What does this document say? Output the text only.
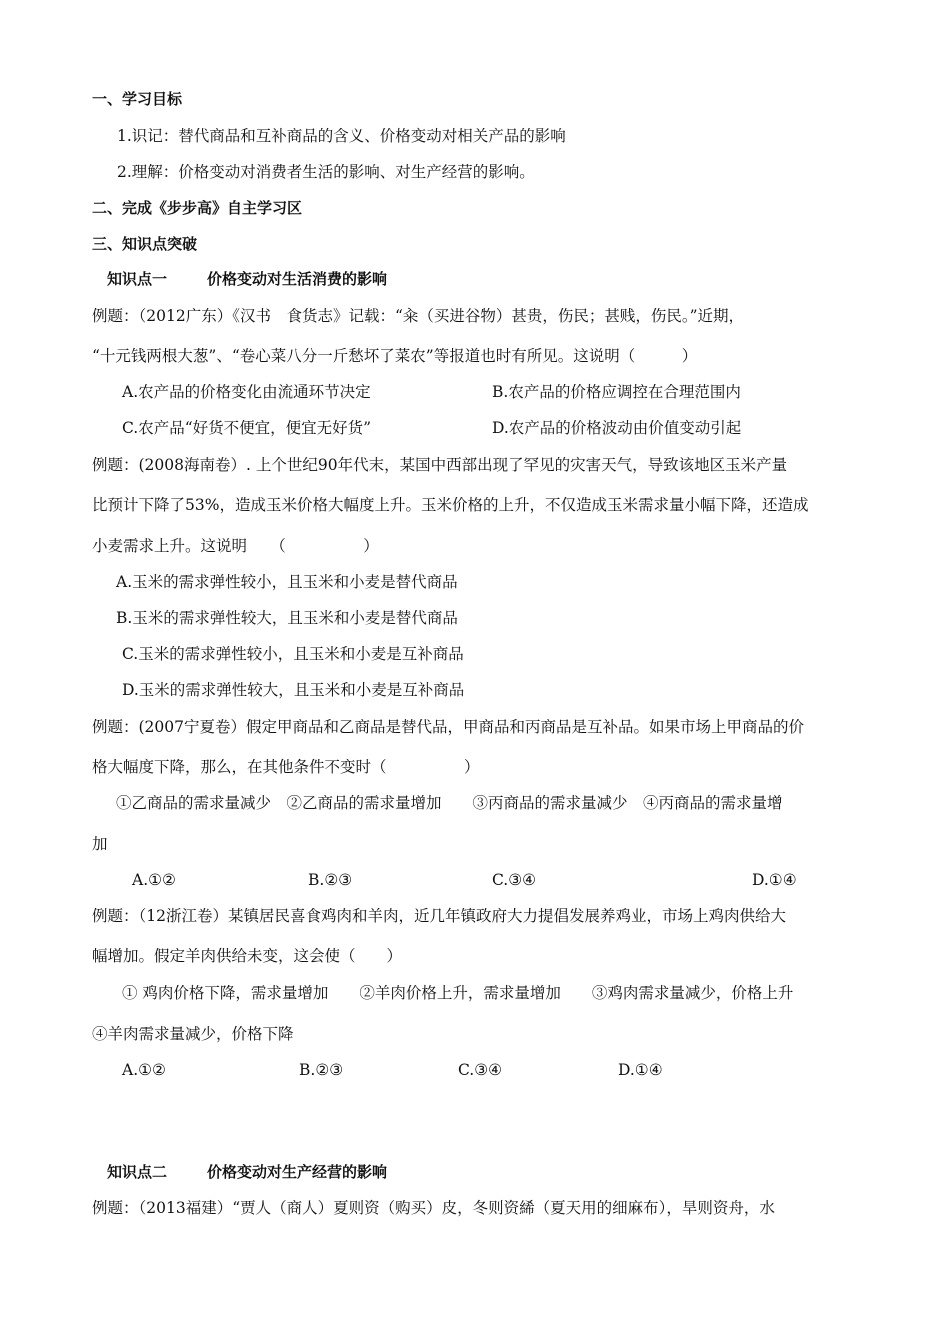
一、学习目标
1.识记：替代商品和互补商品的含义、价格变动对相关产品的影响
2.理解：价格变动对消费者生活的影响、对生产经营的影响。
二、完成《步步高》自主学习区
三、知识点突破
知识点一	价格变动对生活消费的影响
例题：（2012广东）《汉书　食货志》记载：“籴（买进谷物）甚贵，伤民；甚贱，伤民。”近期，
“十元钱两根大葱”、“卷心菜八分一斤愁坏了菜农”等报道也时有所见。这说明（　　　）
A.农产品的价格变化由流通环节决定	B.农产品的价格应调控在合理范围内
C.农产品“好货不便宜，便宜无好货”	D.农产品的价格波动由价值变动引起
例题：(2008海南卷）. 上个世纪90年代末，某国中西部出现了罕见的灾害天气，导致该地区玉米产量
比预计下降了53%，造成玉米价格大幅度上升。玉米价格的上升，不仅造成玉米需求量小幅下降，还造成
小麦需求上升。这说明　　（　　　　　）
A.玉米的需求弹性较小，且玉米和小麦是替代商品
B.玉米的需求弹性较大，且玉米和小麦是替代商品
C.玉米的需求弹性较小，且玉米和小麦是互补商品
D.玉米的需求弹性较大，且玉米和小麦是互补商品
例题：(2007宁夏卷）假定甲商品和乙商品是替代品，甲商品和丙商品是互补品。如果市场上甲商品的价
格大幅度下降，那么，在其他条件不变时（　　　　　）
①乙商品的需求量减少　②乙商品的需求量增加　　③丙商品的需求量减少　④丙商品的需求量增
加
A.①②	B.②③	C.③④	D.①④
例题：（12浙江卷）某镇居民喜食鸡肉和羊肉，近几年镇政府大力提倡发展养鸡业，市场上鸡肉供给大
幅增加。假定羊肉供给未变，这会使（　　）
① 鸡肉价格下降，需求量增加　　②羊肉价格上升，需求量增加　　③鸡肉需求量减少，价格上升
④羊肉需求量减少，价格下降
A.①②	B.②③	C.③④	D.①④
知识点二	价格变动对生产经营的影响
例题：（2013福建）“贾人（商人）夏则资（购买）皮，冬则资絺（夏天用的细麻布），旱则资舟，水
